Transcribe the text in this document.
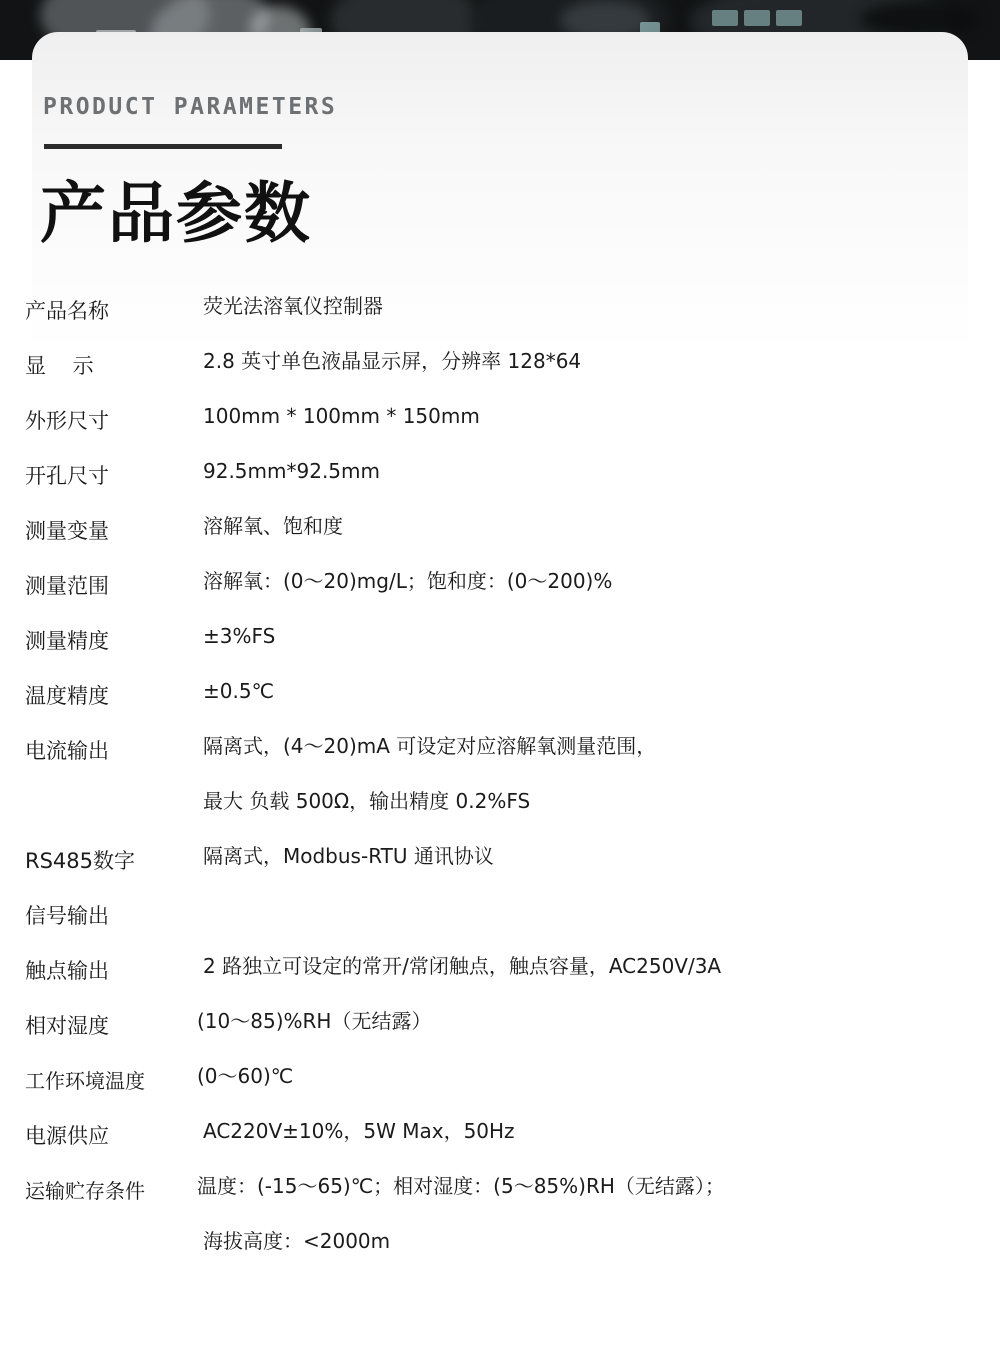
PRODUCT PARAMETERS
产品参数
产品名称	荧光法溶氧仪控制器
显 示	2.8 英寸单色液晶显示屏，分辨率 128*64
外形尺寸	100mm * 100mm * 150mm
开孔尺寸	92.5mm*92.5mm
测量变量	溶解氧、饱和度
测量范围	溶解氧：(0～20)mg/L；饱和度：(0～200)%
测量精度	±3%FS
温度精度	±0.5℃
电流输出	隔离式，(4～20)mA 可设定对应溶解氧测量范围，
最大 负载 500Ω，输出精度 0.2%FS
RS485数字	隔离式，Modbus-RTU 通讯协议
信号输出
触点输出	2 路独立可设定的常开/常闭触点，触点容量，AC250V/3A
相对湿度	(10～85)%RH（无结露）
工作环境温度	(0～60)℃
电源供应	AC220V±10%，5W Max，50Hz
运输贮存条件	温度：(-15～65)℃；相对湿度：(5～85%)RH（无结露）；
海拔高度：<2000m
